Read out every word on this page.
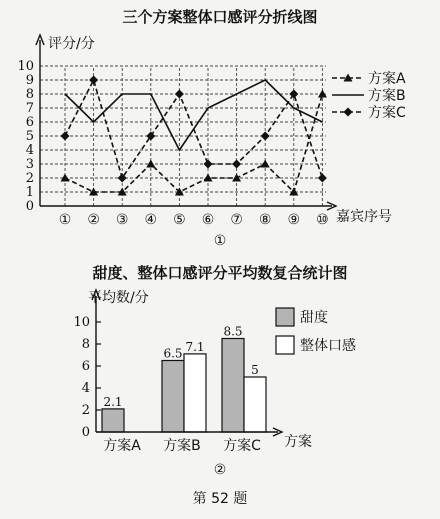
三个方案整体口感评分折线图
评分/分
0
1
2
3
4
5
6
7
8
9
10
① ② ③ ④ ⑤ ⑥ ⑦ ⑧ ⑨ ⑩ 嘉宾序号
方案A
方案B
方案C
①
甜度、整体口感评分平均数复合统计图
平均数/分
0
2
4
6
8
10
2.1
6.5 7.1
8.5
5
方案A 方案B 方案C 方案
甜度
整体口感
②
第 52 题
